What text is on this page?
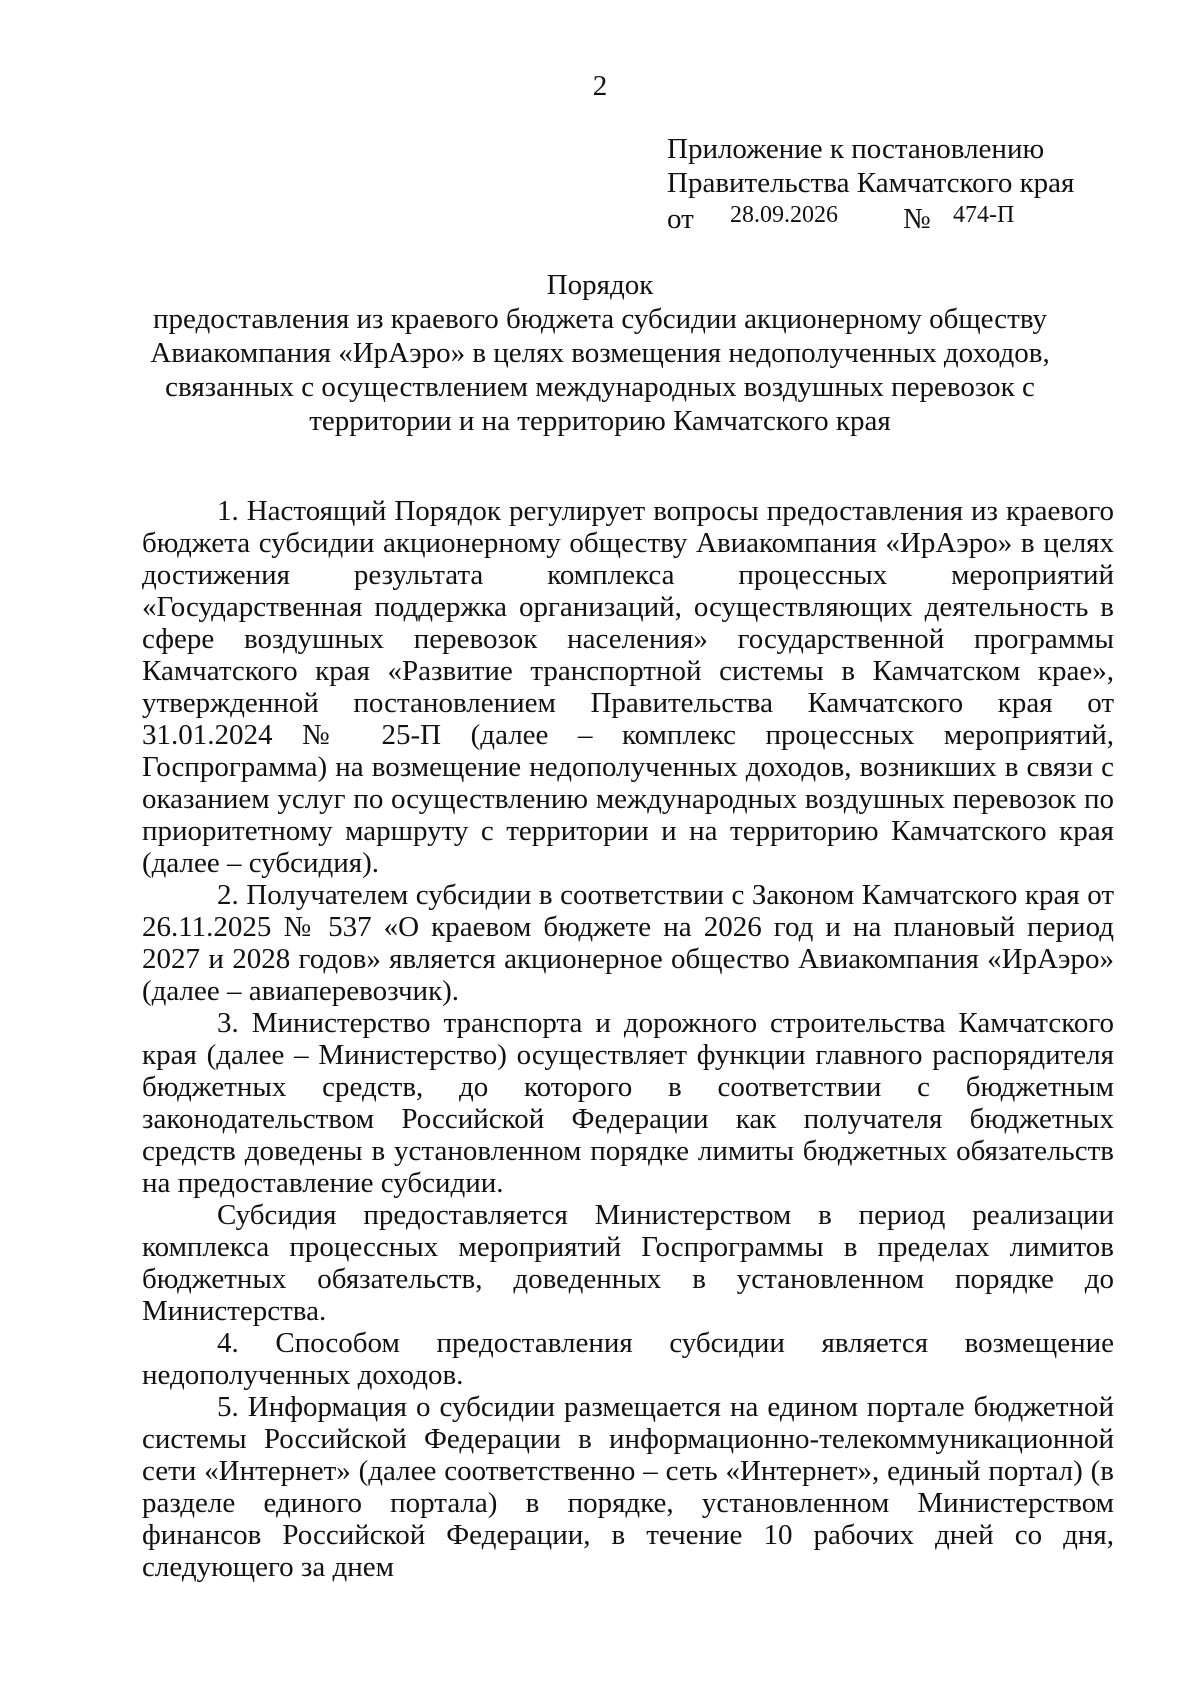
2
Приложение к постановлению
Правительства Камчатского края
от 28.09.2026 № 474-П
Порядок
предоставления из краевого бюджета субсидии акционерному обществу
Авиакомпания «ИрАэро» в целях возмещения недополученных доходов,
связанных с осуществлением международных воздушных перевозок с
территории и на территорию Камчатского края

1. Настоящий Порядок регулирует вопросы предоставления из краевого бюджета субсидии акционерному обществу Авиакомпания «ИрАэро» в целях достижения результата комплекса процессных мероприятий «Государственная поддержка организаций, осуществляющих деятельность в сфере воздушных перевозок населения» государственной программы Камчатского края «Развитие транспортной системы в Камчатском крае», утвержденной постановлением Правительства Камчатского края от 31.01.2024 № 25-П (далее – комплекс процессных мероприятий, Госпрограмма) на возмещение недополученных доходов, возникших в связи с оказанием услуг по осуществлению международных воздушных перевозок по приоритетному маршруту с территории и на территорию Камчатского края (далее – субсидия).

2. Получателем субсидии в соответствии с Законом Камчатского края от 26.11.2025 № 537 «О краевом бюджете на 2026 год и на плановый период 2027 и 2028 годов» является акционерное общество Авиакомпания «ИрАэро» (далее – авиаперевозчик).

3. Министерство транспорта и дорожного строительства Камчатского края (далее – Министерство) осуществляет функции главного распорядителя бюджетных средств, до которого в соответствии с бюджетным законодательством Российской Федерации как получателя бюджетных средств доведены в установленном порядке лимиты бюджетных обязательств на предоставление субсидии.

Субсидия предоставляется Министерством в период реализации комплекса процессных мероприятий Госпрограммы в пределах лимитов бюджетных обязательств, доведенных в установленном порядке до Министерства.

4. Способом предоставления субсидии является возмещение недополученных доходов.

5. Информация о субсидии размещается на едином портале бюджетной системы Российской Федерации в информационно-телекоммуникационной сети «Интернет» (далее соответственно – сеть «Интернет», единый портал) (в разделе единого портала) в порядке, установленном Министерством финансов Российской Федерации, в течение 10 рабочих дней со дня, следующего за днем
